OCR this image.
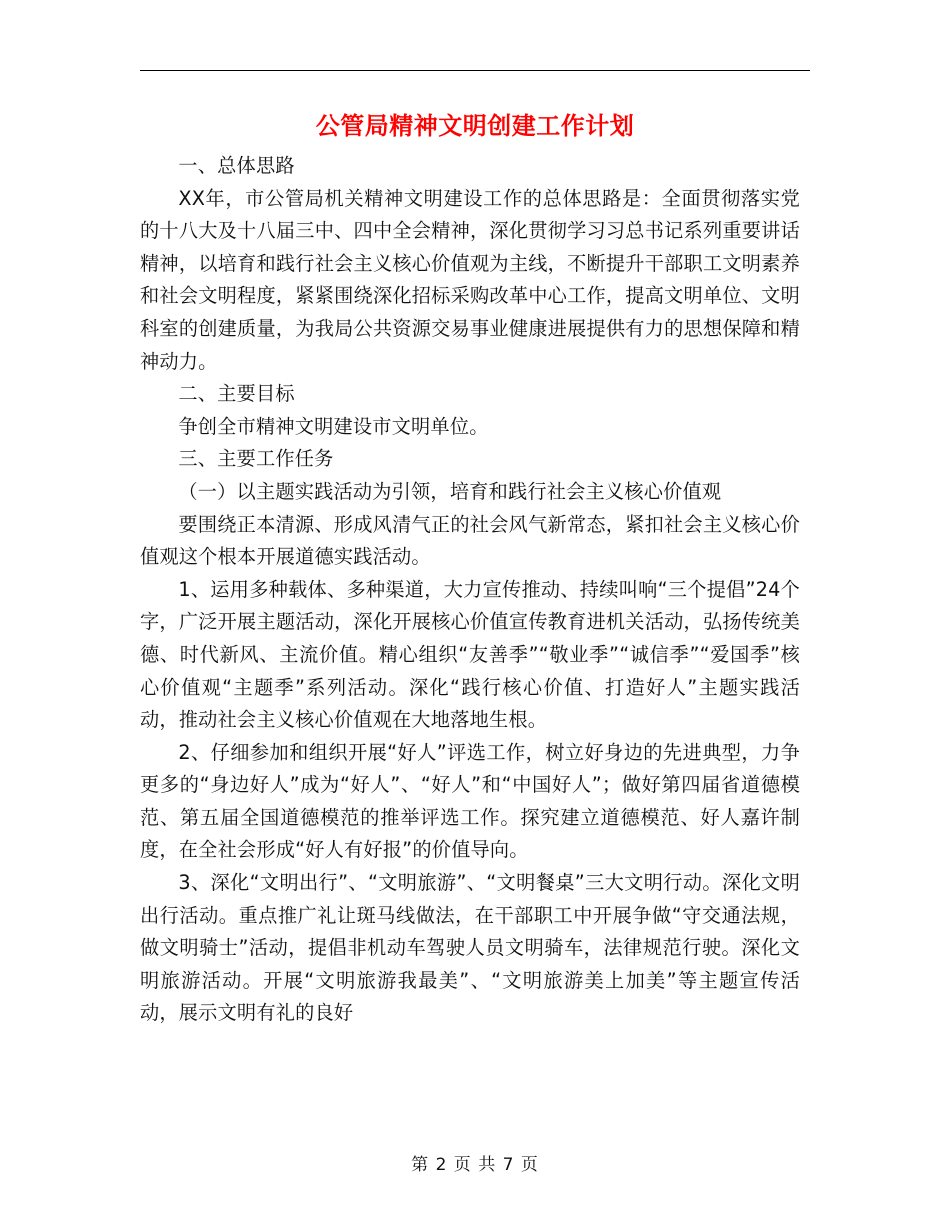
公管局精神文明创建工作计划

一、总体思路

XX年，市公管局机关精神文明建设工作的总体思路是：全面贯彻落实党的十八大及十八届三中、四中全会精神，深化贯彻学习习总书记系列重要讲话精神，以培育和践行社会主义核心价值观为主线，不断提升干部职工文明素养和社会文明程度，紧紧围绕深化招标采购改革中心工作，提高文明单位、文明科室的创建质量，为我局公共资源交易事业健康进展提供有力的思想保障和精神动力。

二、主要目标

争创全市精神文明建设市文明单位。

三、主要工作任务

（一）以主题实践活动为引领，培育和践行社会主义核心价值观

要围绕正本清源、形成风清气正的社会风气新常态，紧扣社会主义核心价值观这个根本开展道德实践活动。

1、运用多种载体、多种渠道，大力宣传推动、持续叫响“三个提倡”24个字，广泛开展主题活动，深化开展核心价值宣传教育进机关活动，弘扬传统美德、时代新风、主流价值。精心组织“友善季”“敬业季”“诚信季”“爱国季”核心价值观“主题季”系列活动。深化“践行核心价值、打造好人”主题实践活动，推动社会主义核心价值观在大地落地生根。

2、仔细参加和组织开展“好人”评选工作，树立好身边的先进典型，力争更多的“身边好人”成为“好人”、“好人”和“中国好人”；做好第四届省道德模范、第五届全国道德模范的推举评选工作。探究建立道德模范、好人嘉许制度，在全社会形成“好人有好报”的价值导向。

3、深化“文明出行”、“文明旅游”、“文明餐桌”三大文明行动。深化文明出行活动。重点推广礼让斑马线做法，在干部职工中开展争做“守交通法规，做文明骑士”活动，提倡非机动车驾驶人员文明骑车，法律规范行驶。深化文明旅游活动。开展“文明旅游我最美”、“文明旅游美上加美”等主题宣传活动，展示文明有礼的良好

第 2 页 共 7 页
